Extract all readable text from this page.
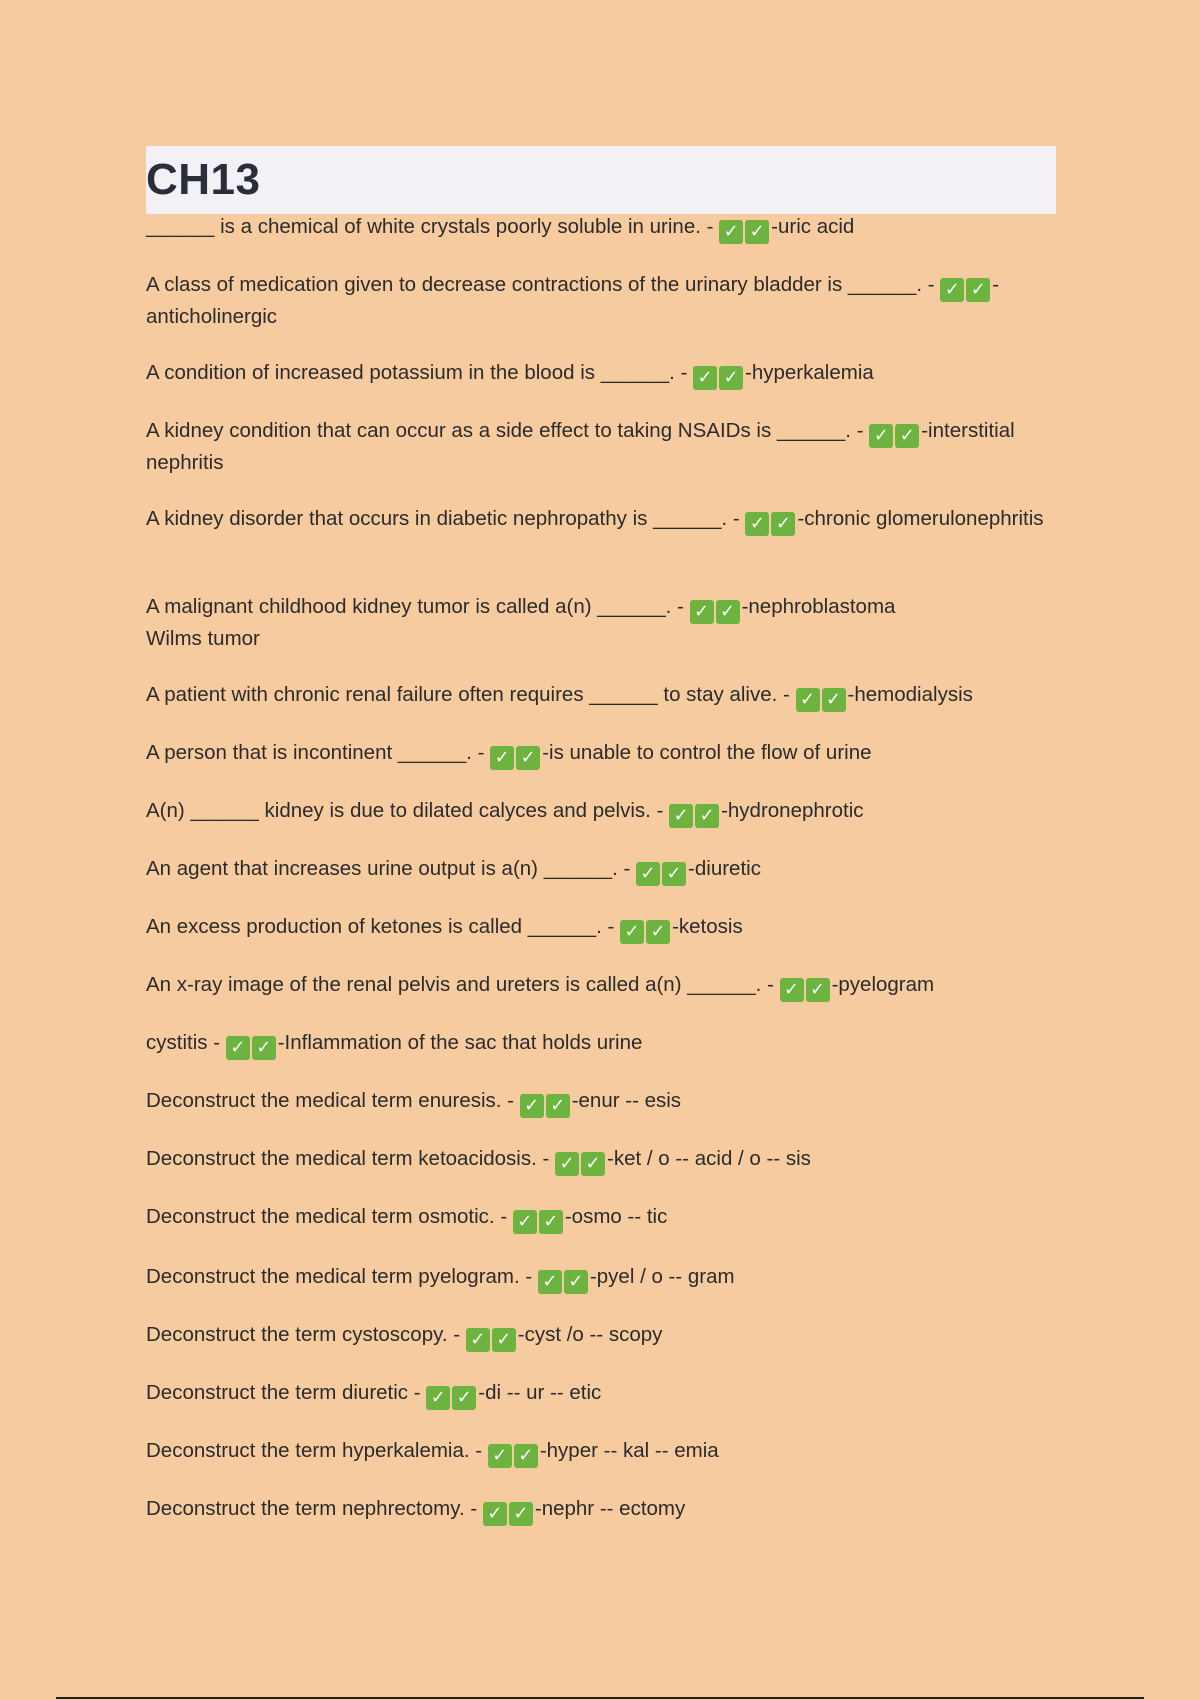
CH13

______ is a chemical of white crystals poorly soluble in urine. - ✓ ✓ -uric acid

A class of medication given to decrease contractions of the urinary bladder is ______. - ✓ ✓ -anticholinergic

A condition of increased potassium in the blood is ______. - ✓ ✓ -hyperkalemia

A kidney condition that can occur as a side effect to taking NSAIDs is ______. - ✓ ✓ -interstitial nephritis

A kidney disorder that occurs in diabetic nephropathy is ______. - ✓ ✓ -chronic glomerulonephritis

A malignant childhood kidney tumor is called a(n) ______. - ✓ ✓ -nephroblastoma
Wilms tumor

A patient with chronic renal failure often requires ______ to stay alive. - ✓ ✓ -hemodialysis

A person that is incontinent ______. - ✓ ✓ -is unable to control the flow of urine

A(n) ______ kidney is due to dilated calyces and pelvis. - ✓ ✓ -hydronephrotic

An agent that increases urine output is a(n) ______. - ✓ ✓ -diuretic

An excess production of ketones is called ______. - ✓ ✓ -ketosis

An x-ray image of the renal pelvis and ureters is called a(n) ______. - ✓ ✓ -pyelogram

cystitis - ✓ ✓ -Inflammation of the sac that holds urine

Deconstruct the medical term enuresis. - ✓ ✓ -enur -- esis

Deconstruct the medical term ketoacidosis. - ✓ ✓ -ket / o -- acid / o -- sis

Deconstruct the medical term osmotic. - ✓ ✓ -osmo -- tic

Deconstruct the medical term pyelogram. - ✓ ✓ -pyel / o -- gram

Deconstruct the term cystoscopy. - ✓ ✓ -cyst /o -- scopy

Deconstruct the term diuretic - ✓ ✓ -di -- ur -- etic

Deconstruct the term hyperkalemia. - ✓ ✓ -hyper -- kal -- emia

Deconstruct the term nephrectomy. - ✓ ✓ -nephr -- ectomy
